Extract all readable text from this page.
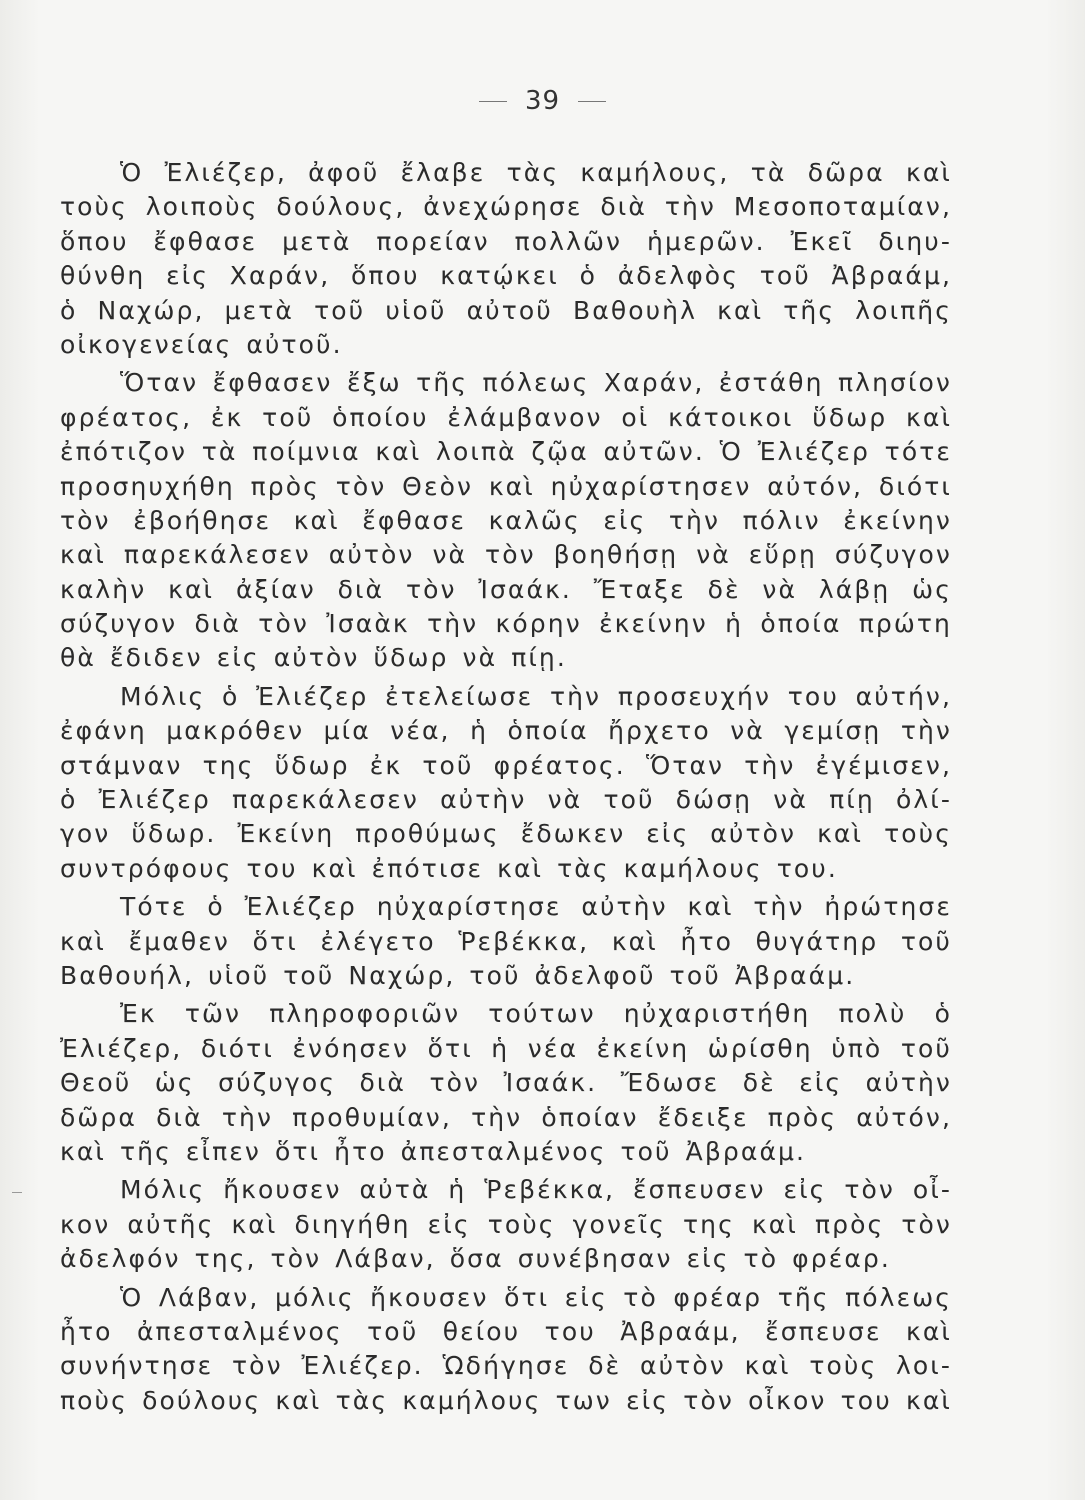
39
Ὁ Ἐλιέζερ, ἀφοῦ ἔλαβε τὰς καμήλους, τὰ δῶρα καὶ
τοὺς λοιποὺς δούλους, ἀνεχώρησε διὰ τὴν Μεσοποταμίαν,
ὅπου ἔφθασε μετὰ πορείαν πολλῶν ἡμερῶν. Ἐκεῖ διηυ-
θύνθη εἰς Χαράν, ὅπου κατῴκει ὁ ἀδελφὸς τοῦ Ἀβραάμ,
ὁ Ναχώρ, μετὰ τοῦ υἱοῦ αὐτοῦ Βαθουὴλ καὶ τῆς λοιπῆς
οἰκογενείας αὐτοῦ.
Ὅταν ἔφθασεν ἔξω τῆς πόλεως Χαράν, ἐστάθη πλησίον
φρέατος, ἐκ τοῦ ὁποίου ἐλάμβανον οἱ κάτοικοι ὕδωρ καὶ
ἐπότιζον τὰ ποίμνια καὶ λοιπὰ ζῷα αὐτῶν. Ὁ Ἐλιέζερ τότε
προσηυχήθη πρὸς τὸν Θεὸν καὶ ηὐχαρίστησεν αὐτόν, διότι
τὸν ἐβοήθησε καὶ ἔφθασε καλῶς εἰς τὴν πόλιν ἐκείνην
καὶ παρεκάλεσεν αὐτὸν νὰ τὸν βοηθήσῃ νὰ εὕρῃ σύζυγον
καλὴν καὶ ἀξίαν διὰ τὸν Ἰσαάκ. Ἔταξε δὲ νὰ λάβῃ ὡς
σύζυγον διὰ τὸν Ἰσαὰκ τὴν κόρην ἐκείνην ἡ ὁποία πρώτη
θὰ ἔδιδεν εἰς αὐτὸν ὕδωρ νὰ πίῃ.
Μόλις ὁ Ἐλιέζερ ἐτελείωσε τὴν προσευχήν του αὐτήν,
ἐφάνη μακρόθεν μία νέα, ἡ ὁποία ἤρχετο νὰ γεμίσῃ τὴν
στάμναν της ὕδωρ ἐκ τοῦ φρέατος. Ὅταν τὴν ἐγέμισεν,
ὁ Ἐλιέζερ παρεκάλεσεν αὐτὴν νὰ τοῦ δώσῃ νὰ πίῃ ὀλί-
γον ὕδωρ. Ἐκείνη προθύμως ἔδωκεν εἰς αὐτὸν καὶ τοὺς
συντρόφους του καὶ ἐπότισε καὶ τὰς καμήλους του.
Τότε ὁ Ἐλιέζερ ηὐχαρίστησε αὐτὴν καὶ τὴν ἠρώτησε
καὶ ἔμαθεν ὅτι ἐλέγετο Ῥεβέκκα, καὶ ἦτο θυγάτηρ τοῦ
Βαθουήλ, υἱοῦ τοῦ Ναχώρ, τοῦ ἀδελφοῦ τοῦ Ἀβραάμ.
Ἐκ τῶν πληροφοριῶν τούτων ηὐχαριστήθη πολὺ ὁ
Ἐλιέζερ, διότι ἐνόησεν ὅτι ἡ νέα ἐκείνη ὡρίσθη ὑπὸ τοῦ
Θεοῦ ὡς σύζυγος διὰ τὸν Ἰσαάκ. Ἔδωσε δὲ εἰς αὐτὴν
δῶρα διὰ τὴν προθυμίαν, τὴν ὁποίαν ἔδειξε πρὸς αὐτόν,
καὶ τῆς εἶπεν ὅτι ἦτο ἀπεσταλμένος τοῦ Ἀβραάμ.
Μόλις ἤκουσεν αὐτὰ ἡ Ῥεβέκκα, ἔσπευσεν εἰς τὸν οἶ-
κον αὐτῆς καὶ διηγήθη εἰς τοὺς γονεῖς της καὶ πρὸς τὸν
ἀδελφόν της, τὸν Λάβαν, ὅσα συνέβησαν εἰς τὸ φρέαρ.
Ὁ Λάβαν, μόλις ἤκουσεν ὅτι εἰς τὸ φρέαρ τῆς πόλεως
ἦτο ἀπεσταλμένος τοῦ θείου του Ἀβραάμ, ἔσπευσε καὶ
συνήντησε τὸν Ἐλιέζερ. Ὡδήγησε δὲ αὐτὸν καὶ τοὺς λοι-
ποὺς δούλους καὶ τὰς καμήλους των εἰς τὸν οἶκον του καὶ
